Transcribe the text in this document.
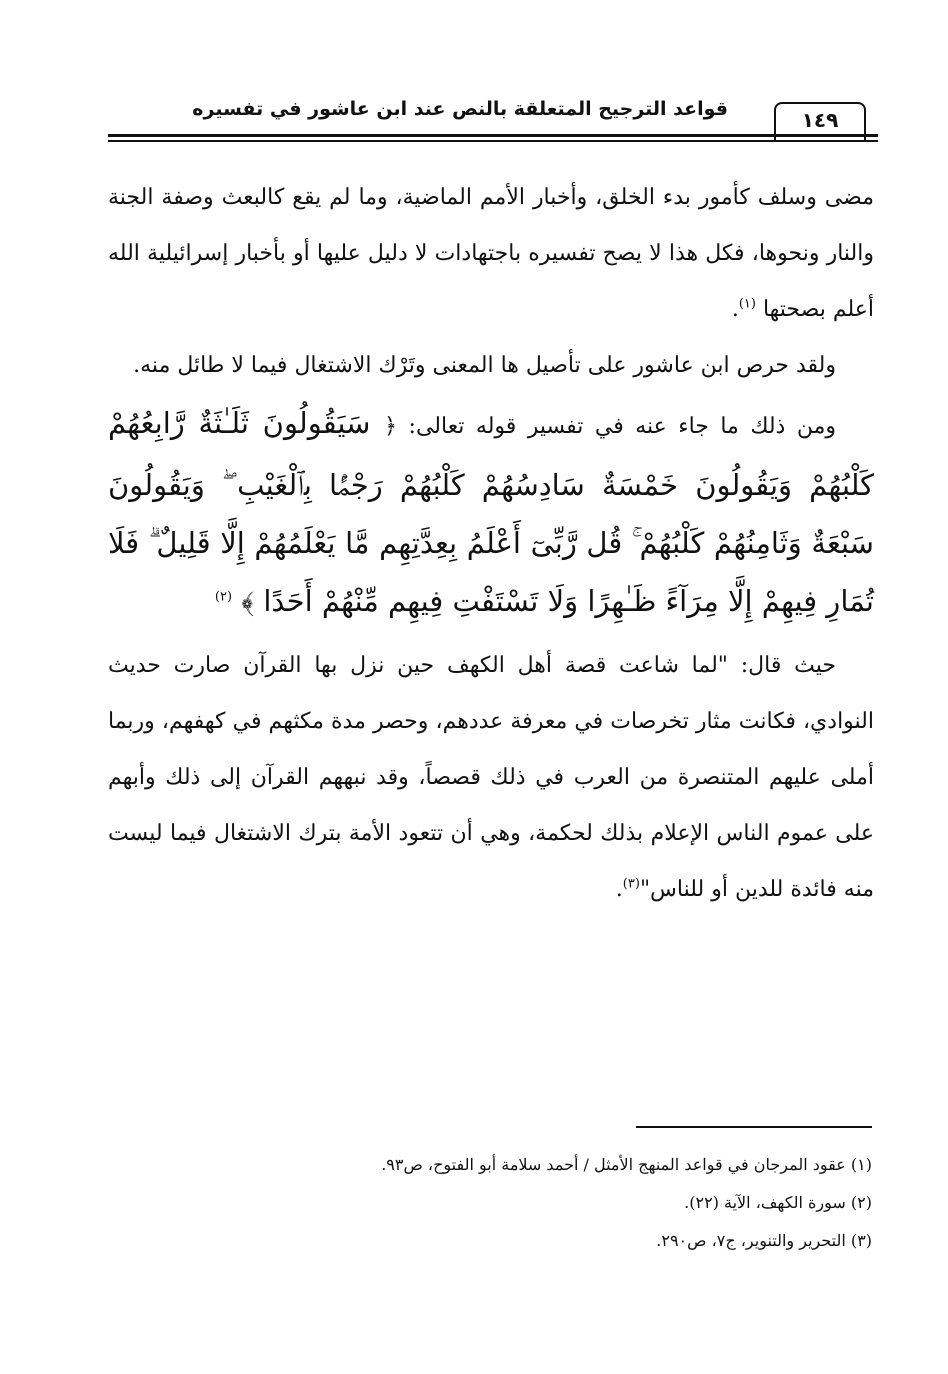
قواعد الترجيح المتعلقة بالنص عند ابن عاشور في تفسيره	١٤٩

مضى وسلف كأمور بدء الخلق، وأخبار الأمم الماضية، وما لم يقع كالبعث وصفة الجنة والنار ونحوها، فكل هذا لا يصح تفسيره باجتهادات لا دليل عليها أو بأخبار إسرائيلية الله أعلم بصحتها $^{(١)}$.

ولقد حرص ابن عاشور على تأصيل ها المعنى وتَرْك الاشتغال فيما لا طائل منه.

ومن ذلك ما جاء عنه في تفسير قوله تعالى: ﴿ سَيَقُولُونَ ثَلَـٰثَةٌ رَّابِعُهُمْ كَلْبُهُمْ وَيَقُولُونَ خَمْسَةٌ سَادِسُهُمْ كَلْبُهُمْ رَجْمًۢا بِٱلْغَيْبِ ۖ وَيَقُولُونَ سَبْعَةٌ وَثَامِنُهُمْ كَلْبُهُمْ ۚ قُل رَّبِّىٓ أَعْلَمُ بِعِدَّتِهِم مَّا يَعْلَمُهُمْ إِلَّا قَلِيلٌ ۗ فَلَا تُمَارِ فِيهِمْ إِلَّا مِرَآءً ظَـٰهِرًا وَلَا تَسْتَفْتِ فِيهِم مِّنْهُمْ أَحَدًا ﴾ $^{(٢)}$

حيث قال: "لما شاعت قصة أهل الكهف حين نزل بها القرآن صارت حديث النوادي، فكانت مثار تخرصات في معرفة عددهم، وحصر مدة مكثهم في كهفهم، وربما أملى عليهم المتنصرة من العرب في ذلك قصصاً، وقد نبههم القرآن إلى ذلك وأبهم على عموم الناس الإعلام بذلك لحكمة، وهي أن تتعود الأمة بترك الاشتغال فيما ليست منه فائدة للدين أو للناس"$^{(٣)}$.

(١) عقود المرجان في قواعد المنهج الأمثل / أحمد سلامة أبو الفتوح، ص٩٣.

(٢) سورة الكهف، الآية (٢٢).

(٣) التحرير والتنوير، ج٧، ص٢٩٠.
